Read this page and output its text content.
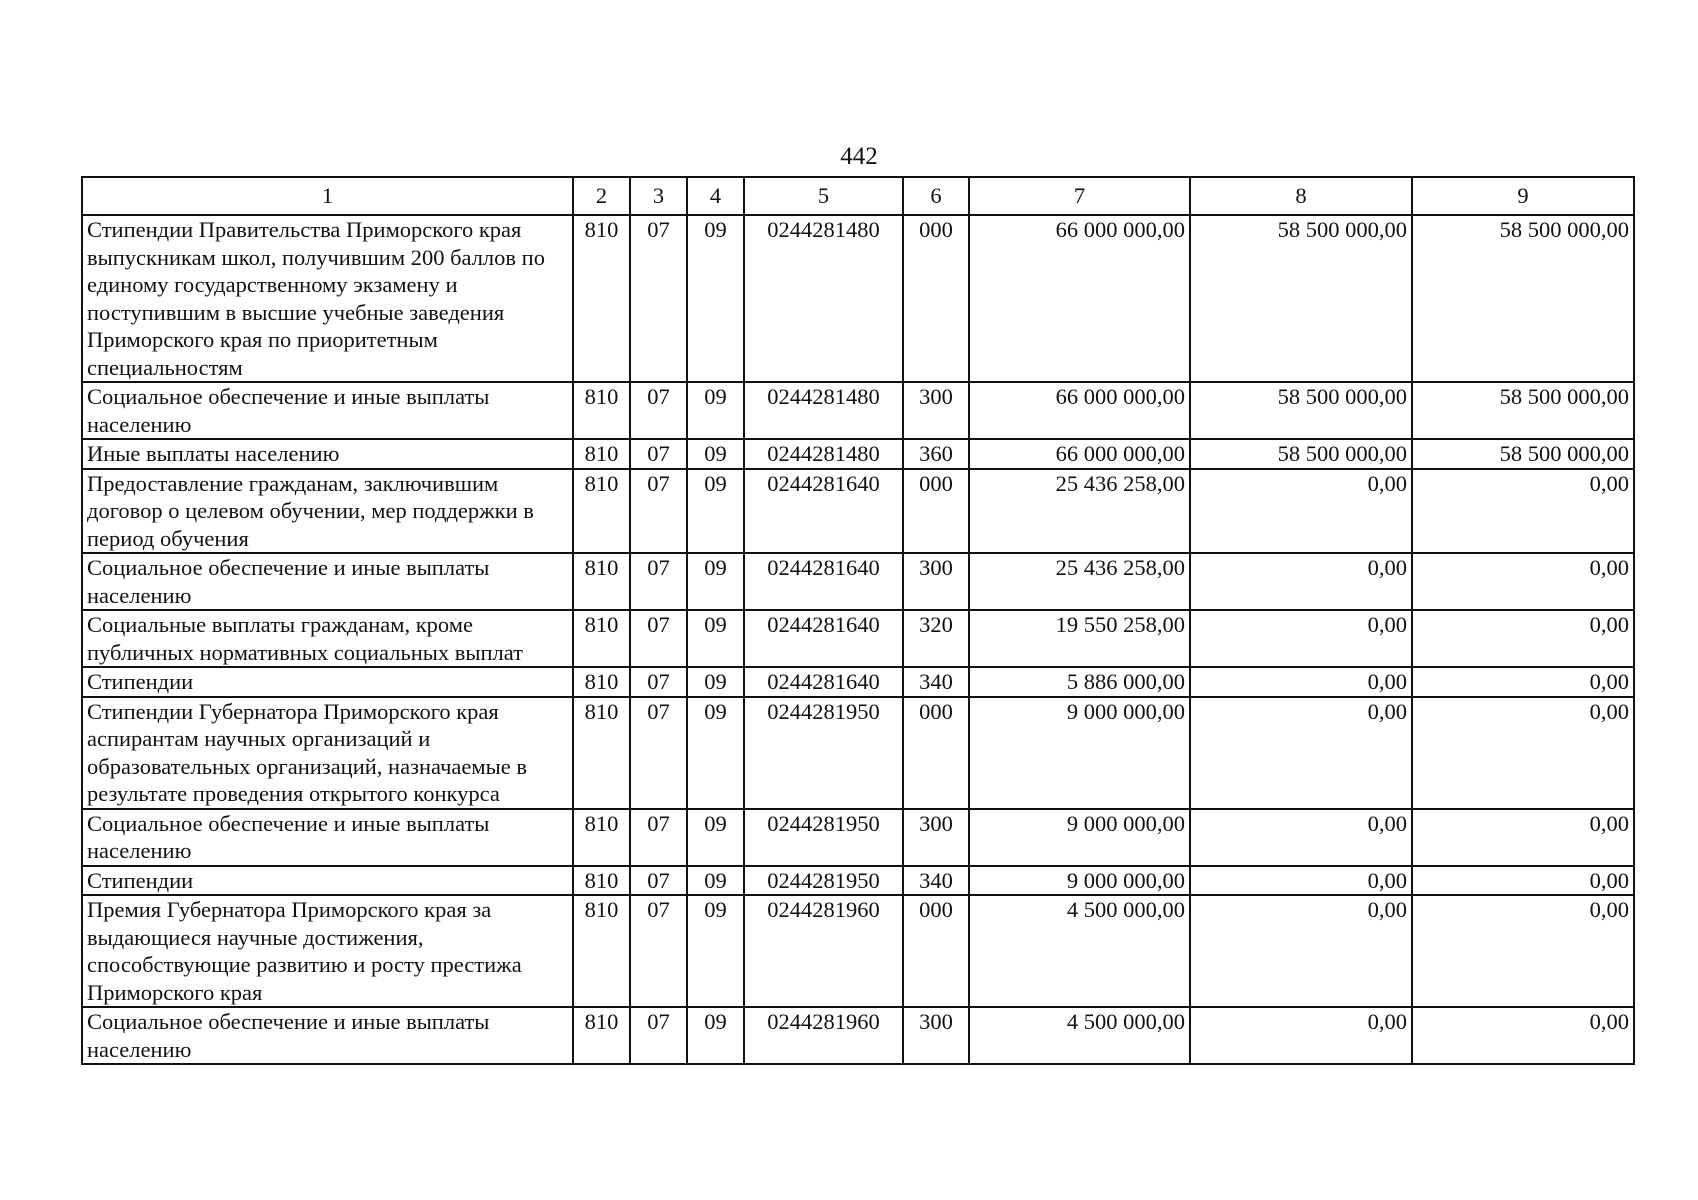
442
1	2	3	4	5	6	7	8	9
Стипендии Правительства Приморского края выпускникам школ, получившим 200 баллов по единому государственному экзамену и поступившим в высшие учебные заведения Приморского края по приоритетным специальностям	810	07	09	0244281480	000	66 000 000,00	58 500 000,00	58 500 000,00
Социальное обеспечение и иные выплаты населению	810	07	09	0244281480	300	66 000 000,00	58 500 000,00	58 500 000,00
Иные выплаты населению	810	07	09	0244281480	360	66 000 000,00	58 500 000,00	58 500 000,00
Предоставление гражданам, заключившим договор о целевом обучении, мер поддержки в период обучения	810	07	09	0244281640	000	25 436 258,00	0,00	0,00
Социальное обеспечение и иные выплаты населению	810	07	09	0244281640	300	25 436 258,00	0,00	0,00
Социальные выплаты гражданам, кроме публичных нормативных социальных выплат	810	07	09	0244281640	320	19 550 258,00	0,00	0,00
Стипендии	810	07	09	0244281640	340	5 886 000,00	0,00	0,00
Стипендии Губернатора Приморского края аспирантам научных организаций и образовательных организаций, назначаемые в результате проведения открытого конкурса	810	07	09	0244281950	000	9 000 000,00	0,00	0,00
Социальное обеспечение и иные выплаты населению	810	07	09	0244281950	300	9 000 000,00	0,00	0,00
Стипендии	810	07	09	0244281950	340	9 000 000,00	0,00	0,00
Премия Губернатора Приморского края за выдающиеся научные достижения, способствующие развитию и росту престижа Приморского края	810	07	09	0244281960	000	4 500 000,00	0,00	0,00
Социальное обеспечение и иные выплаты населению	810	07	09	0244281960	300	4 500 000,00	0,00	0,00
